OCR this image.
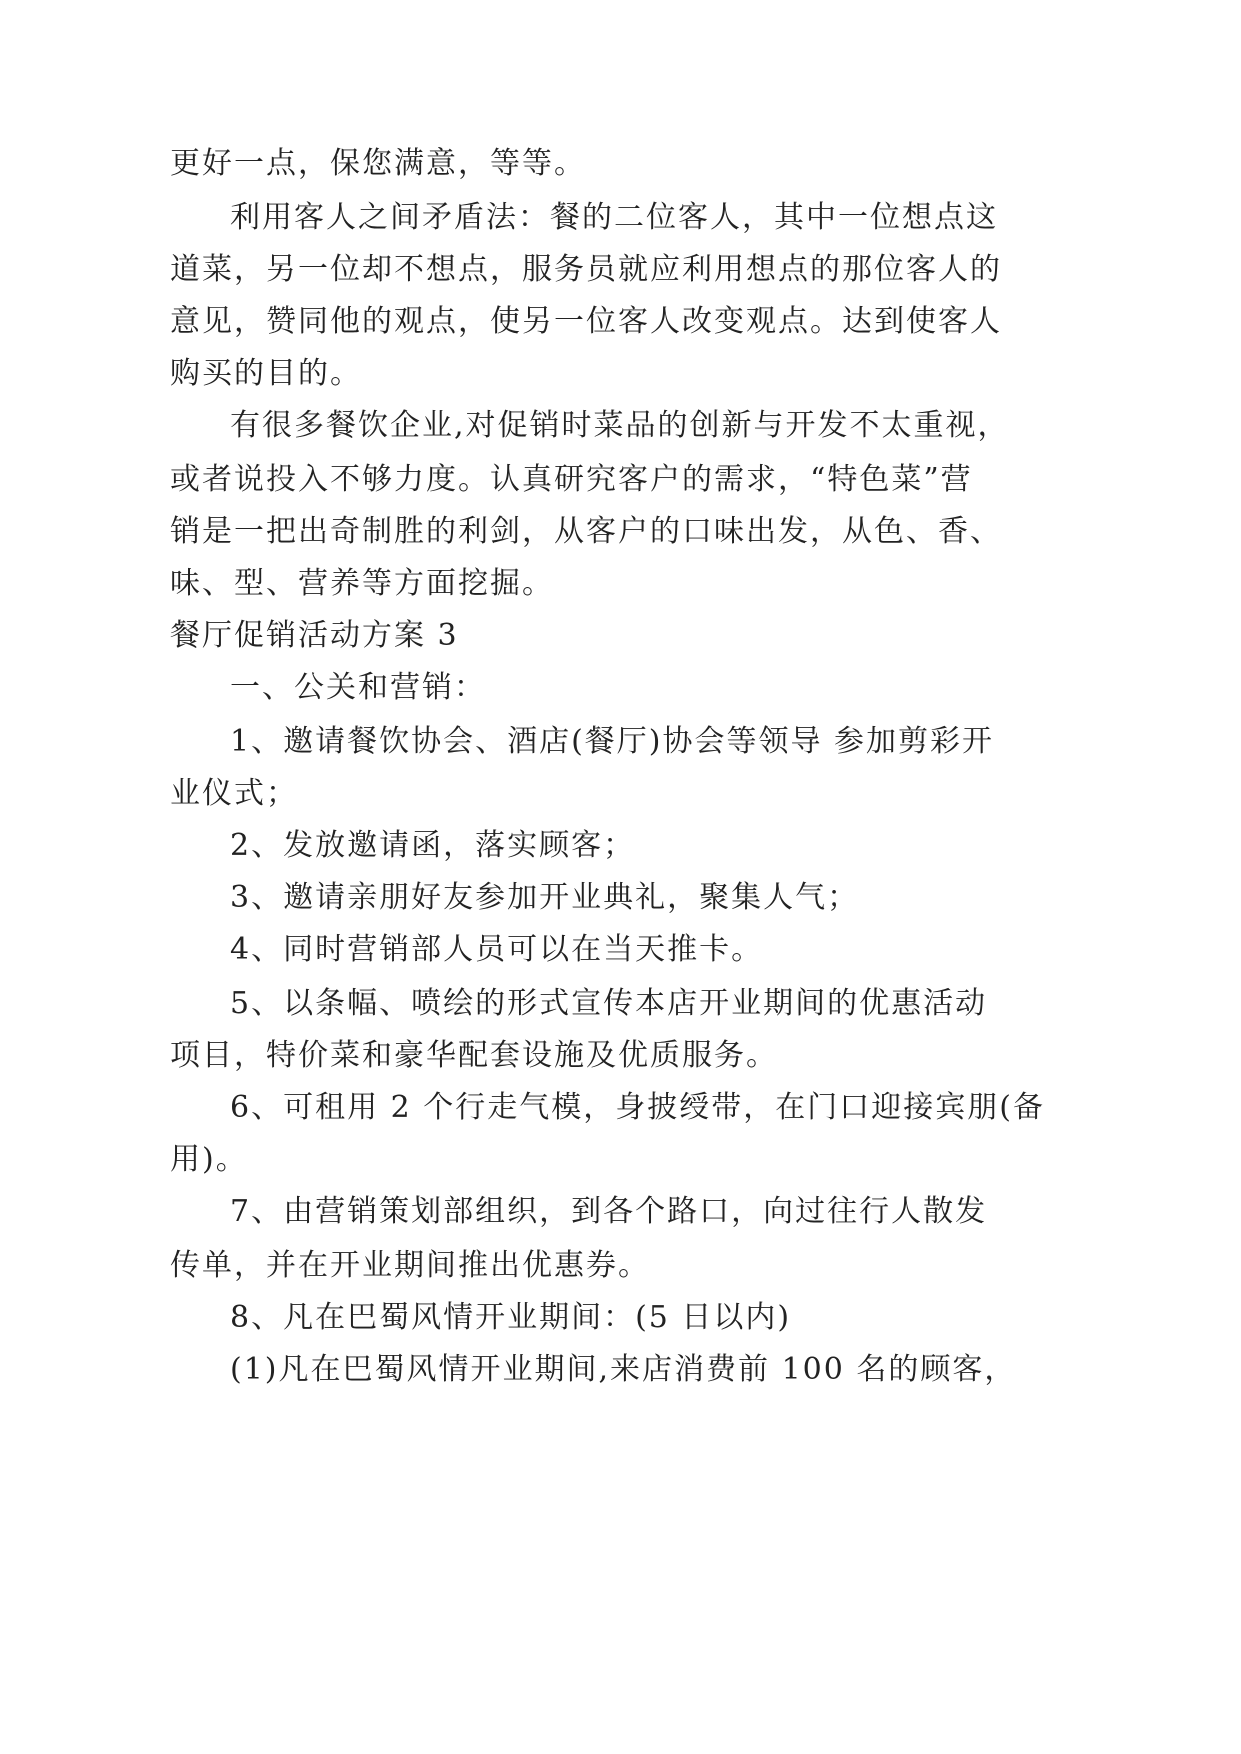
更好一点，保您满意，等等。
利用客人之间矛盾法：餐的二位客人，其中一位想点这
道菜，另一位却不想点，服务员就应利用想点的那位客人的
意见，赞同他的观点，使另一位客人改变观点。达到使客人
购买的目的。
有很多餐饮企业,对促销时菜品的创新与开发不太重视，
或者说投入不够力度。认真研究客户的需求，“特色菜”营
销是一把出奇制胜的利剑，从客户的口味出发，从色、香、
味、型、营养等方面挖掘。
餐厅促销活动方案 3
一、公关和营销：
1、邀请餐饮协会、酒店(餐厅)协会等领导 参加剪彩开
业仪式；
2、发放邀请函，落实顾客；
3、邀请亲朋好友参加开业典礼，聚集人气；
4、同时营销部人员可以在当天推卡。
5、以条幅、喷绘的形式宣传本店开业期间的优惠活动
项目，特价菜和豪华配套设施及优质服务。
6、可租用 2 个行走气模，身披绶带，在门口迎接宾朋(备
用)。
7、由营销策划部组织，到各个路口，向过往行人散发
传单，并在开业期间推出优惠券。
8、凡在巴蜀风情开业期间：(5 日以内)
(1)凡在巴蜀风情开业期间,来店消费前 100 名的顾客，
